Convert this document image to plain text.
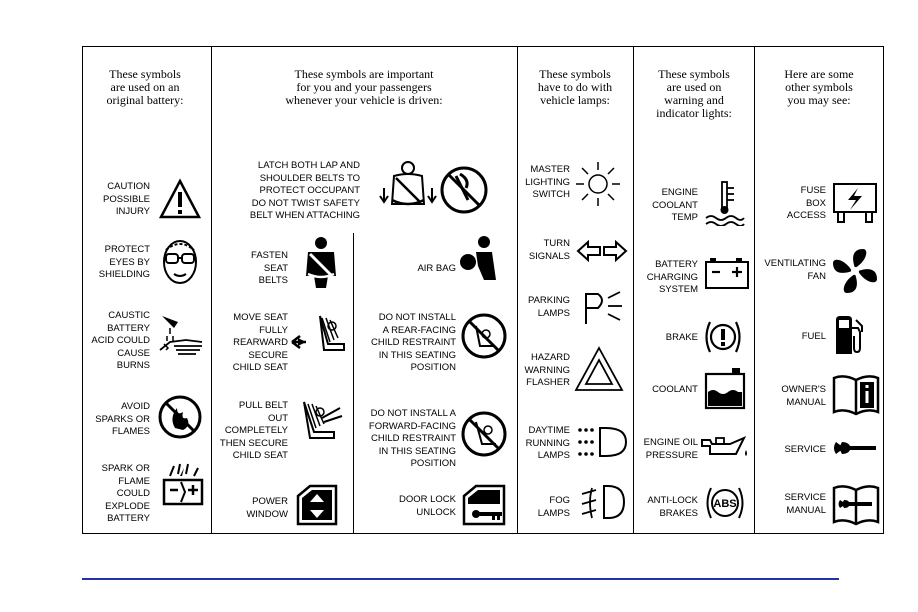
These symbols
are used on an
original battery:
These symbols are important
for you and your passengers
whenever your vehicle is driven:
These symbols
have to do with
vehicle lamps:
These symbols
are used on
warning and
indicator lights:
Here are some
other symbols
you may see:
CAUTION
POSSIBLE
INJURY
PROTECT
EYES BY
SHIELDING
CAUSTIC
BATTERY
ACID COULD
CAUSE
BURNS
AVOID
SPARKS OR
FLAMES
SPARK OR
FLAME
COULD
EXPLODE
BATTERY
LATCH BOTH LAP AND
SHOULDER BELTS TO
PROTECT OCCUPANT
DO NOT TWIST SAFETY
BELT WHEN ATTACHING
FASTEN
SEAT
BELTS
MOVE SEAT
FULLY
REARWARD
SECURE
CHILD SEAT
PULL BELT
OUT
COMPLETELY
THEN SECURE
CHILD SEAT
POWER
WINDOW
AIR BAG
DO NOT INSTALL
A REAR-FACING
CHILD RESTRAINT
IN THIS SEATING
POSITION
DO NOT INSTALL A
FORWARD-FACING
CHILD RESTRAINT
IN THIS SEATING
POSITION
DOOR LOCK
UNLOCK
MASTER
LIGHTING
SWITCH
TURN
SIGNALS
PARKING
LAMPS
HAZARD
WARNING
FLASHER
DAYTIME
RUNNING
LAMPS
FOG
LAMPS
ENGINE
COOLANT
TEMP
BATTERY
CHARGING
SYSTEM
BRAKE
COOLANT
ENGINE OIL
PRESSURE
ANTI-LOCK
BRAKES
ABS
FUSE
BOX
ACCESS
VENTILATING
FAN
FUEL
OWNER'S
MANUAL
SERVICE
SERVICE
MANUAL
